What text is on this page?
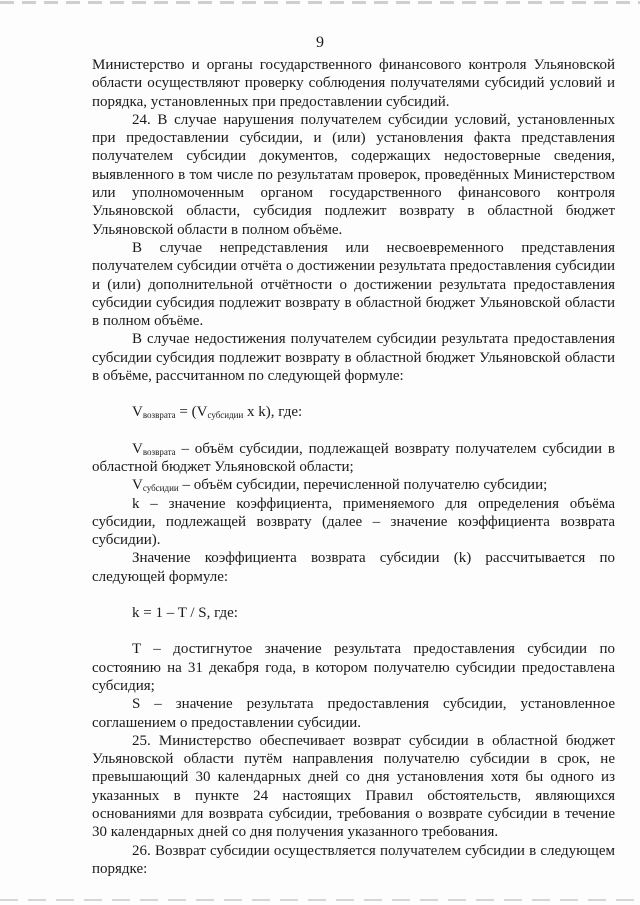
9

Министерство и органы государственного финансового контроля Ульяновской области осуществляют проверку соблюдения получателями субсидий условий и порядка, установленных при предоставлении субсидий.

24. В случае нарушения получателем субсидии условий, установленных при предоставлении субсидии, и (или) установления факта представления получателем субсидии документов, содержащих недостоверные сведения, выявленного в том числе по результатам проверок, проведённых Министерством или уполномоченным органом государственного финансового контроля Ульяновской области, субсидия подлежит возврату в областной бюджет Ульяновской области в полном объёме.

В случае непредставления или несвоевременного представления получателем субсидии отчёта о достижении результата предоставления субсидии и (или) дополнительной отчётности о достижении результата предоставления субсидии субсидия подлежит возврату в областной бюджет Ульяновской области в полном объёме.

В случае недостижения получателем субсидии результата предоставления субсидии субсидия подлежит возврату в областной бюджет Ульяновской области в объёме, рассчитанном по следующей формуле:

$V_{возврата} = (V_{субсидии}$ x k), где:

$V_{возврата}$ – объём субсидии, подлежащей возврату получателем субсидии в областной бюджет Ульяновской области;

$V_{субсидии}$ – объём субсидии, перечисленной получателю субсидии;

k – значение коэффициента, применяемого для определения объёма субсидии, подлежащей возврату (далее – значение коэффициента возврата субсидии).

Значение коэффициента возврата субсидии (k) рассчитывается по следующей формуле:

k = 1 – T / S, где:

T – достигнутое значение результата предоставления субсидии по состоянию на 31 декабря года, в котором получателю субсидии предоставлена субсидия;

S – значение результата предоставления субсидии, установленное соглашением о предоставлении субсидии.

25. Министерство обеспечивает возврат субсидии в областной бюджет Ульяновской области путём направления получателю субсидии в срок, не превышающий 30 календарных дней со дня установления хотя бы одного из указанных в пункте 24 настоящих Правил обстоятельств, являющихся основаниями для возврата субсидии, требования о возврате субсидии в течение 30 календарных дней со дня получения указанного требования.

26. Возврат субсидии осуществляется получателем субсидии в следующем порядке:
